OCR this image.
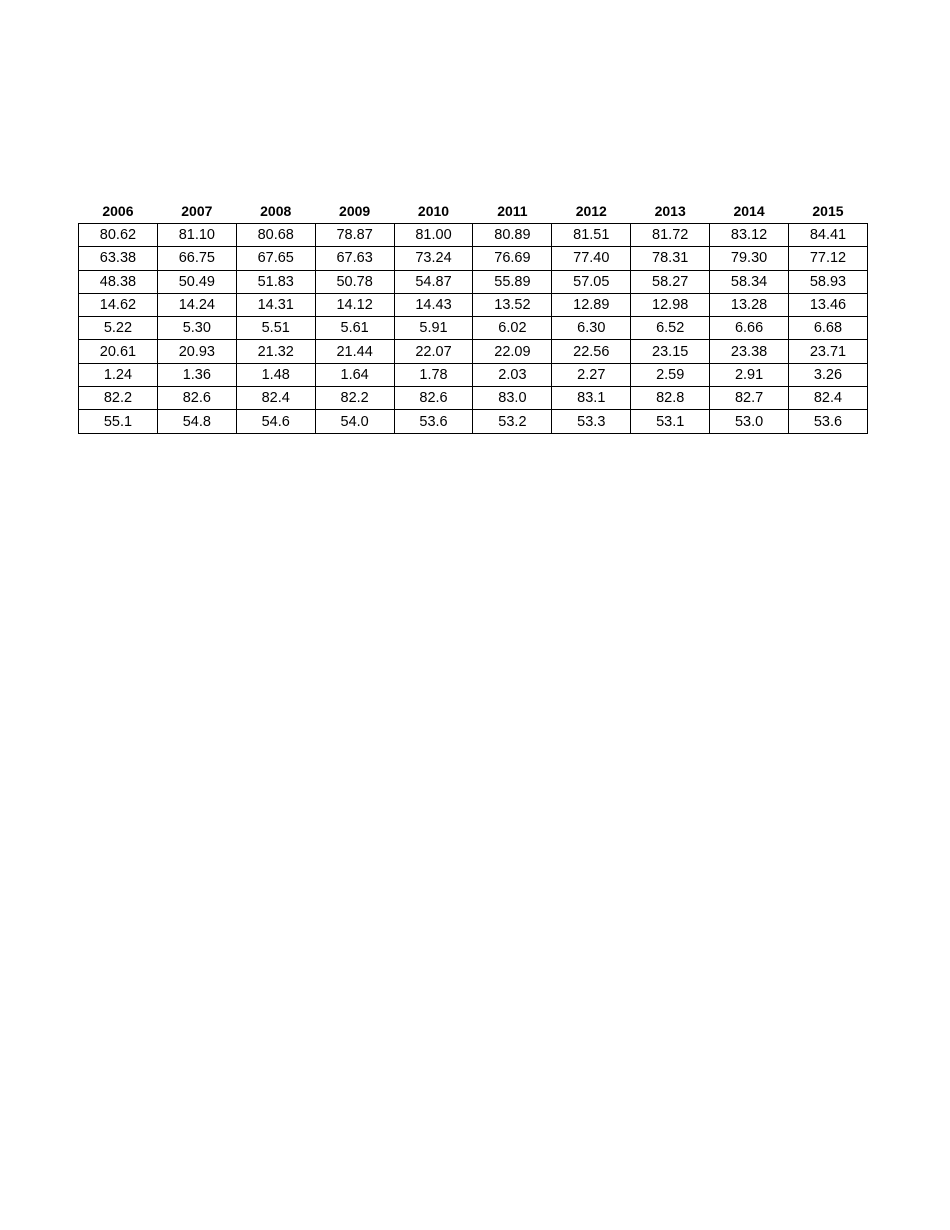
2006	2007	2008	2009	2010	2011	2012	2013	2014	2015
80.62	81.10	80.68	78.87	81.00	80.89	81.51	81.72	83.12	84.41
63.38	66.75	67.65	67.63	73.24	76.69	77.40	78.31	79.30	77.12
48.38	50.49	51.83	50.78	54.87	55.89	57.05	58.27	58.34	58.93
14.62	14.24	14.31	14.12	14.43	13.52	12.89	12.98	13.28	13.46
5.22	5.30	5.51	5.61	5.91	6.02	6.30	6.52	6.66	6.68
20.61	20.93	21.32	21.44	22.07	22.09	22.56	23.15	23.38	23.71
1.24	1.36	1.48	1.64	1.78	2.03	2.27	2.59	2.91	3.26
82.2	82.6	82.4	82.2	82.6	83.0	83.1	82.8	82.7	82.4
55.1	54.8	54.6	54.0	53.6	53.2	53.3	53.1	53.0	53.6
